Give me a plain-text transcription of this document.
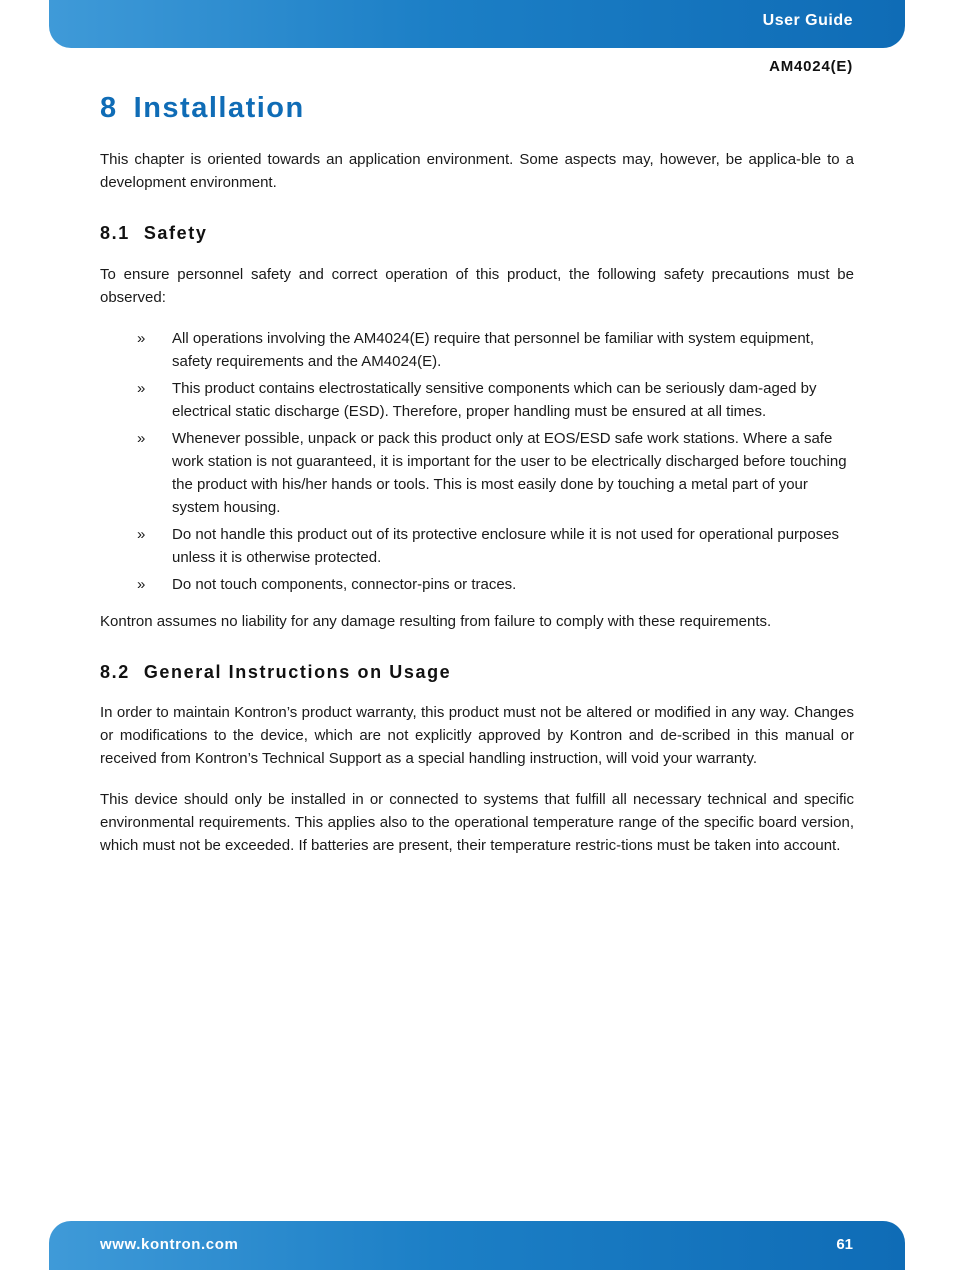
User Guide
AM4024(E)
8 Installation

This chapter is oriented towards an application environment. Some aspects may, however, be applica-ble to a development environment.

8.1 Safety

To ensure personnel safety and correct operation of this product, the following safety precautions must be observed:

» All operations involving the AM4024(E) require that personnel be familiar with system equipment, safety requirements and the AM4024(E).
» This product contains electrostatically sensitive components which can be seriously dam-aged by electrical static discharge (ESD). Therefore, proper handling must be ensured at all times.
» Whenever possible, unpack or pack this product only at EOS/ESD safe work stations. Where a safe work station is not guaranteed, it is important for the user to be electrically discharged before touching the product with his/her hands or tools. This is most easily done by touching a metal part of your system housing.
» Do not handle this product out of its protective enclosure while it is not used for operational purposes unless it is otherwise protected.
» Do not touch components, connector-pins or traces.

Kontron assumes no liability for any damage resulting from failure to comply with these requirements.

8.2 General Instructions on Usage

In order to maintain Kontron’s product warranty, this product must not be altered or modified in any way. Changes or modifications to the device, which are not explicitly approved by Kontron and de-scribed in this manual or received from Kontron’s Technical Support as a special handling instruction, will void your warranty.

This device should only be installed in or connected to systems that fulfill all necessary technical and specific environmental requirements. This applies also to the operational temperature range of the specific board version, which must not be exceeded. If batteries are present, their temperature restric-tions must be taken into account.

www.kontron.com	61
